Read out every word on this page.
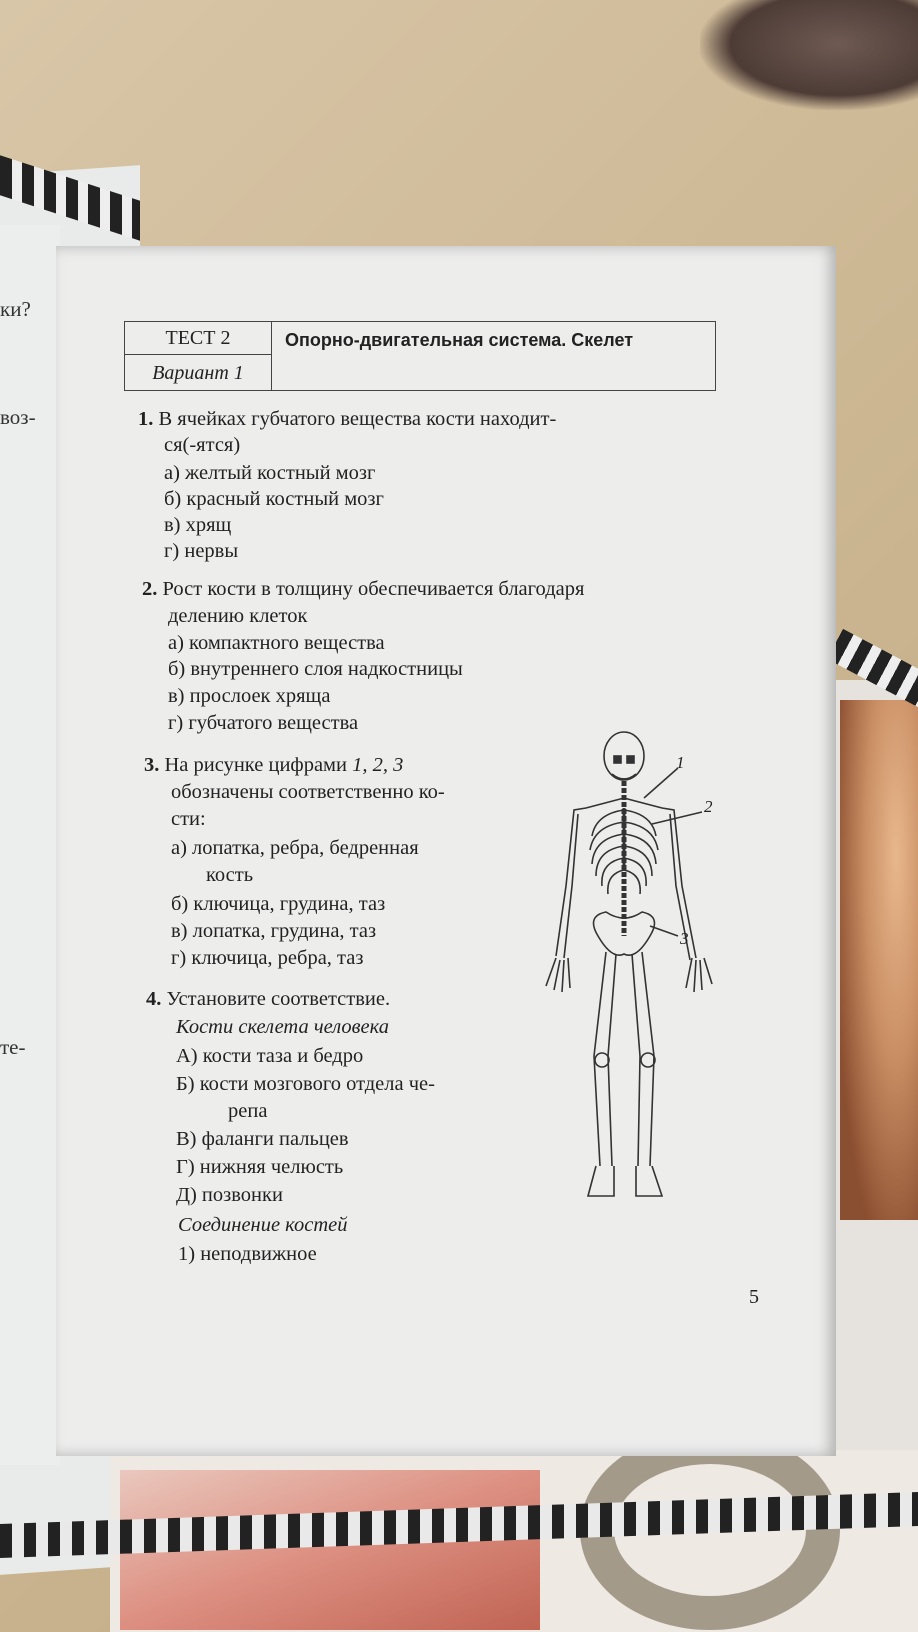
ки?
воз-
те-
ТЕСТ 2
Вариант 1
Опорно-двигательная система. Скелет
1. В ячейках губчатого вещества кости находит-
ся(-ятся)
а) желтый костный мозг
б) красный костный мозг
в) хрящ
г) нервы
2. Рост кости в толщину обеспечивается благодаря
делению клеток
а) компактного вещества
б) внутреннего слоя надкостницы
в) прослоек хряща
г) губчатого вещества
3. На рисунке цифрами 1, 2, 3
обозначены соответственно ко-
сти:
а) лопатка, ребра, бедренная
кость
б) ключица, грудина, таз
в) лопатка, грудина, таз
г) ключица, ребра, таз
4. Установите соответствие.
Кости скелета человека
А) кости таза и бедро
Б) кости мозгового отдела че-
репа
В) фаланги пальцев
Г) нижняя челюсть
Д) позвонки
Соединение костей
1) неподвижное
5
1
2
3
